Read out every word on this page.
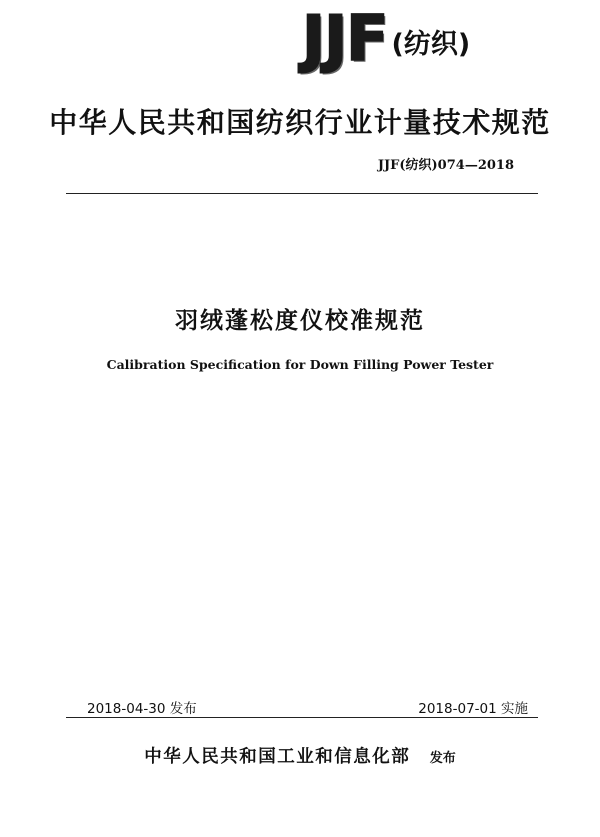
JJF (纺织)
中华人民共和国纺织行业计量技术规范
JJF(纺织)074—2018
羽绒蓬松度仪校准规范
Calibration Specification for Down Filling Power Tester
2018-04-30 发布	2018-07-01 实施
中华人民共和国工业和信息化部 发布
